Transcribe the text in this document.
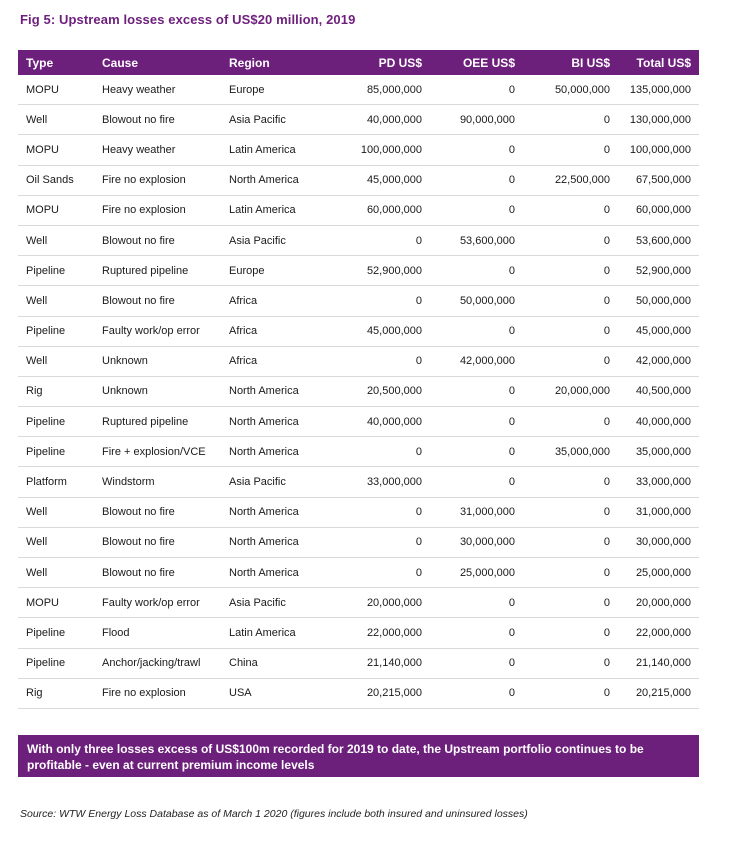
Fig 5: Upstream losses excess of US$20 million, 2019
Type	Cause	Region	PD US$	OEE US$	BI US$	Total US$
MOPU	Heavy weather	Europe	85,000,000	0	50,000,000	135,000,000
Well	Blowout no fire	Asia Pacific	40,000,000	90,000,000	0	130,000,000
MOPU	Heavy weather	Latin America	100,000,000	0	0	100,000,000
Oil Sands	Fire no explosion	North America	45,000,000	0	22,500,000	67,500,000
MOPU	Fire no explosion	Latin America	60,000,000	0	0	60,000,000
Well	Blowout no fire	Asia Pacific	0	53,600,000	0	53,600,000
Pipeline	Ruptured pipeline	Europe	52,900,000	0	0	52,900,000
Well	Blowout no fire	Africa	0	50,000,000	0	50,000,000
Pipeline	Faulty work/op error	Africa	45,000,000	0	0	45,000,000
Well	Unknown	Africa	0	42,000,000	0	42,000,000
Rig	Unknown	North America	20,500,000	0	20,000,000	40,500,000
Pipeline	Ruptured pipeline	North America	40,000,000	0	0	40,000,000
Pipeline	Fire + explosion/VCE	North America	0	0	35,000,000	35,000,000
Platform	Windstorm	Asia Pacific	33,000,000	0	0	33,000,000
Well	Blowout no fire	North America	0	31,000,000	0	31,000,000
Well	Blowout no fire	North America	0	30,000,000	0	30,000,000
Well	Blowout no fire	North America	0	25,000,000	0	25,000,000
MOPU	Faulty work/op error	Asia Pacific	20,000,000	0	0	20,000,000
Pipeline	Flood	Latin America	22,000,000	0	0	22,000,000
Pipeline	Anchor/jacking/trawl	China	21,140,000	0	0	21,140,000
Rig	Fire no explosion	USA	20,215,000	0	0	20,215,000
With only three losses excess of US$100m recorded for 2019 to date, the Upstream portfolio continues to be profitable - even at current premium income levels
Source: WTW Energy Loss Database as of March 1 2020 (figures include both insured and uninsured losses)
